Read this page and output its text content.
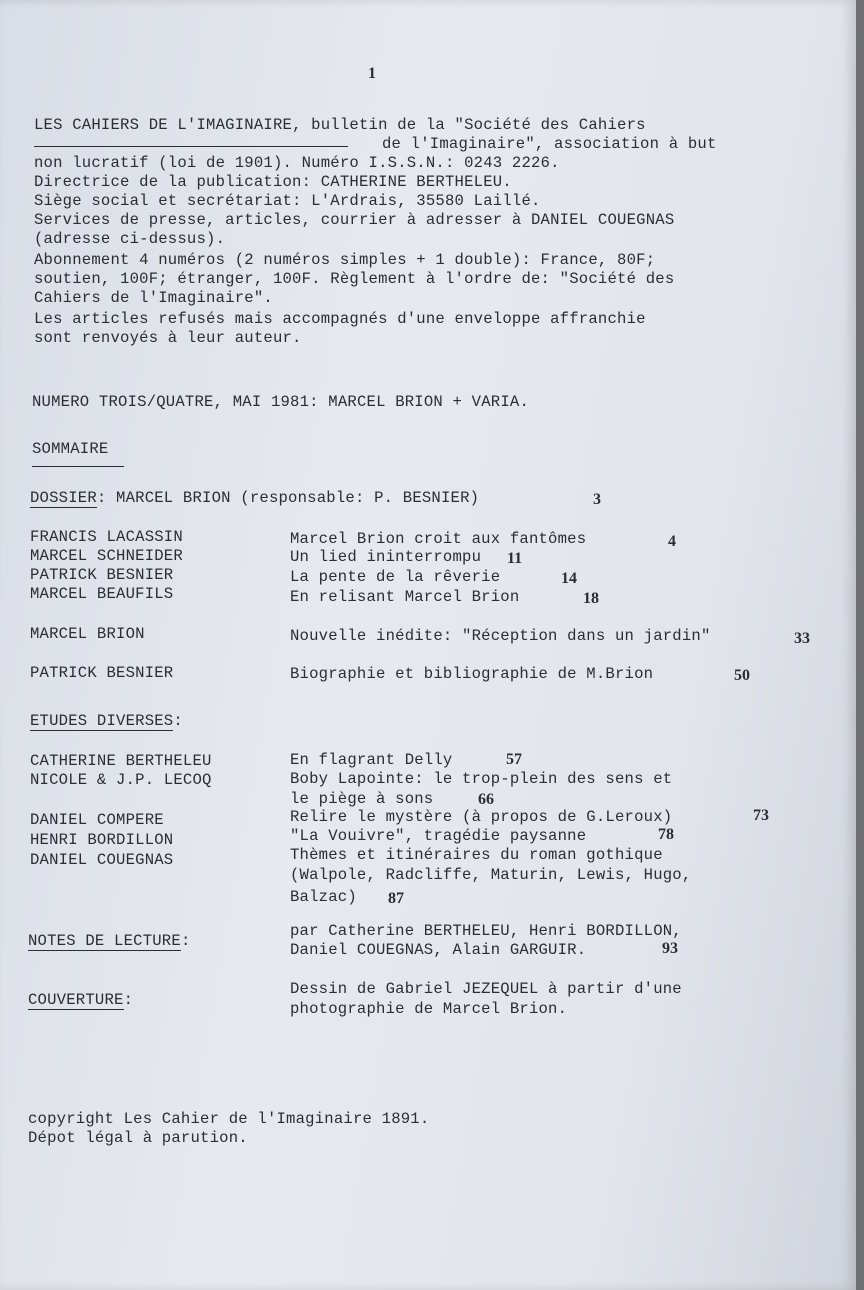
1
LES CAHIERS DE L'IMAGINAIRE, bulletin de la "Société des Cahiers
de l'Imaginaire", association à but
non lucratif (loi de 1901). Numéro I.S.S.N.: 0243 2226.
Directrice de la publication: CATHERINE BERTHELEU.
Siège social et secrétariat: L'Ardrais, 35580 Laillé.
Services de presse, articles, courrier à adresser à DANIEL COUEGNAS
(adresse ci-dessus).
Abonnement 4 numéros (2 numéros simples + 1 double): France, 80F;
soutien, 100F; étranger, 100F. Règlement à l'ordre de: "Société des
Cahiers de l'Imaginaire".
Les articles refusés mais accompagnés d'une enveloppe affranchie
sont renvoyés à leur auteur.
NUMERO TROIS/QUATRE, MAI 1981: MARCEL BRION + VARIA.
SOMMAIRE
DOSSIER: MARCEL BRION (responsable: P. BESNIER)	3
FRANCIS LACASSIN	Marcel Brion croit aux fantômes	4
MARCEL SCHNEIDER	Un lied ininterrompu 11
PATRICK BESNIER	La pente de la rêverie	14
MARCEL BEAUFILS	En relisant Marcel Brion	18
MARCEL BRION	Nouvelle inédite: "Réception dans un jardin"	33
PATRICK BESNIER	Biographie et bibliographie de M.Brion	50
ETUDES DIVERSES:
CATHERINE BERTHELEU	En flagrant Delly	57
NICOLE & J.P. LECOQ	Boby Lapointe: le trop-plein des sens et
le piège à sons	66
DANIEL COMPERE	Relire le mystère (à propos de G.Leroux)	73
HENRI BORDILLON	"La Vouivre", tragédie paysanne	78
DANIEL COUEGNAS	Thèmes et itinéraires du roman gothique
(Walpole, Radcliffe, Maturin, Lewis, Hugo,
Balzac) 87
NOTES DE LECTURE:
par Catherine BERTHELEU, Henri BORDILLON,
Daniel COUEGNAS, Alain GARGUIR.	93
COUVERTURE:
Dessin de Gabriel JEZEQUEL à partir d'une
photographie de Marcel Brion.
copyright Les Cahier de l'Imaginaire 1891.
Dépot légal à parution.
